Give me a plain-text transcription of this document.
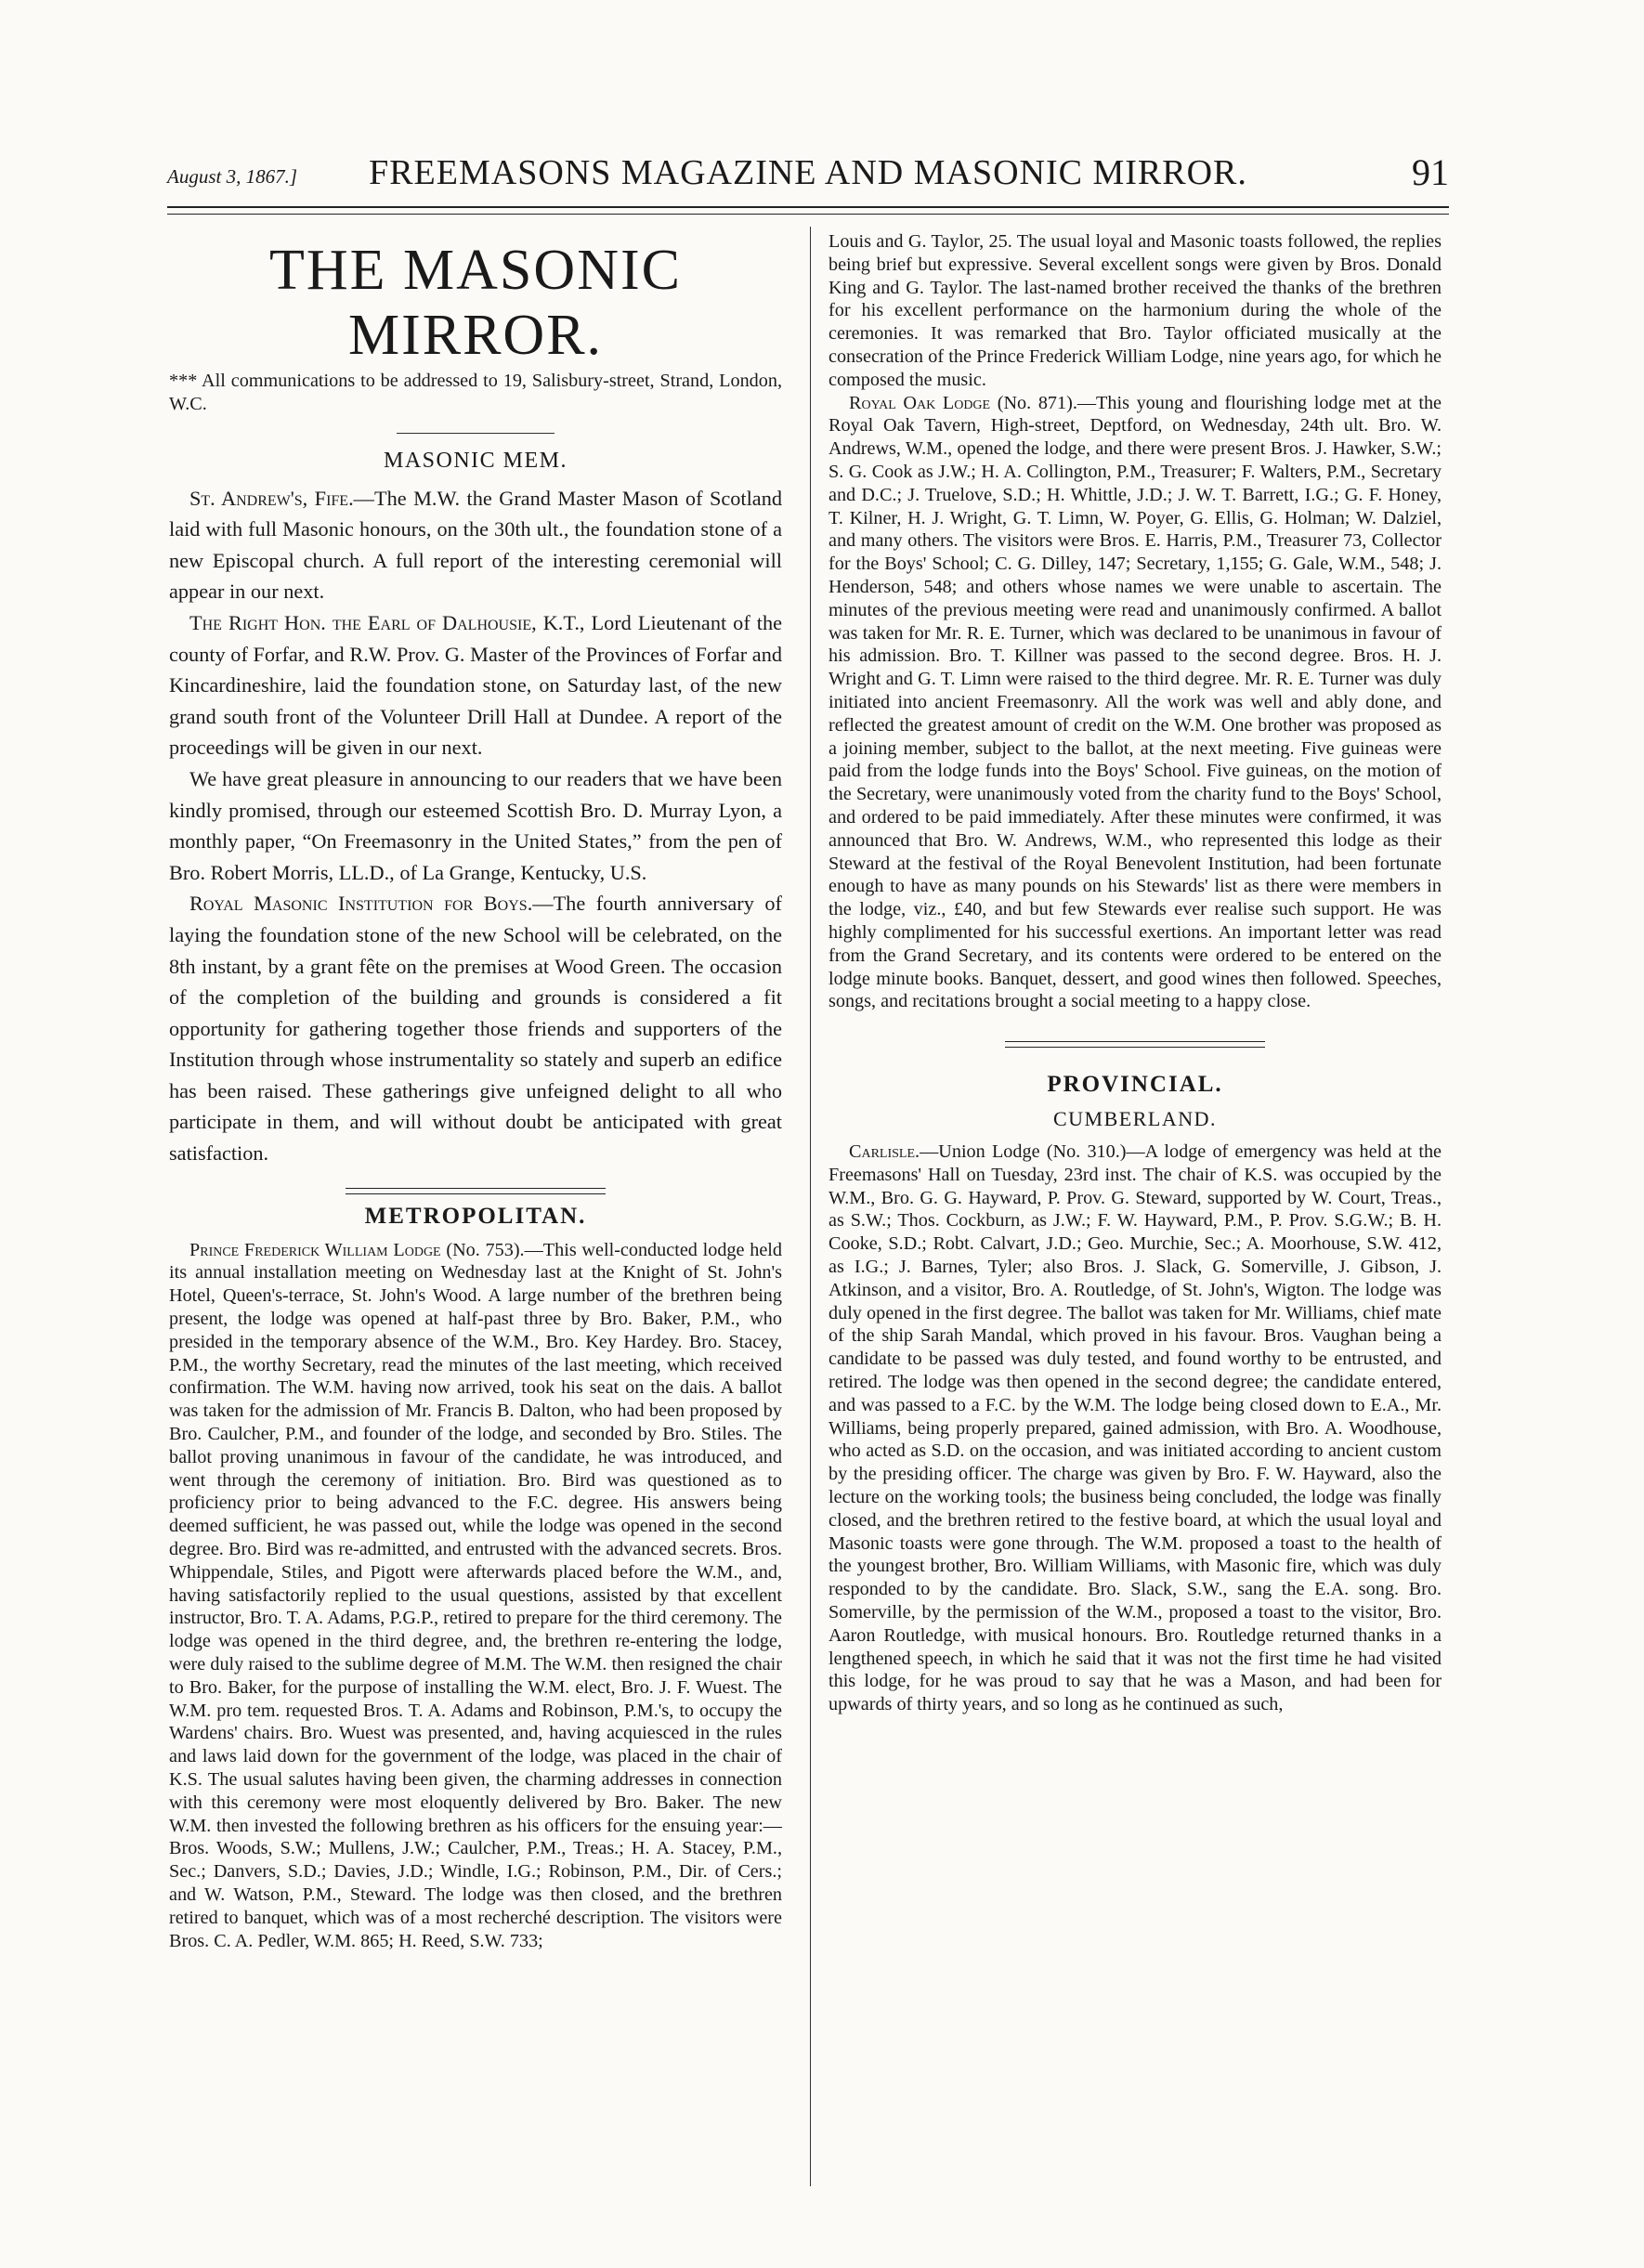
August 3, 1867.]	FREEMASONS MAGAZINE AND MASONIC MIRROR.	91
THE MASONIC MIRROR.

*** All communications to be addressed to 19, Salisbury-street, Strand, London, W.C.

MASONIC MEM.

St. Andrew's, Fife.—The M.W. the Grand Master Mason of Scotland laid with full Masonic honours, on the 30th ult., the foundation stone of a new Episcopal church. A full report of the interesting ceremonial will appear in our next.

The Right Hon. the Earl of Dalhousie, K.T., Lord Lieutenant of the county of Forfar, and R.W. Prov. G. Master of the Provinces of Forfar and Kincardineshire, laid the foundation stone, on Saturday last, of the new grand south front of the Volunteer Drill Hall at Dundee. A report of the proceedings will be given in our next.

We have great pleasure in announcing to our readers that we have been kindly promised, through our esteemed Scottish Bro. D. Murray Lyon, a monthly paper, “On Freemasonry in the United States,” from the pen of Bro. Robert Morris, LL.D., of La Grange, Kentucky, U.S.

Royal Masonic Institution for Boys.—The fourth anniversary of laying the foundation stone of the new School will be celebrated, on the 8th instant, by a grant fête on the premises at Wood Green. The occasion of the completion of the building and grounds is considered a fit opportunity for gathering together those friends and supporters of the Institution through whose instrumentality so stately and superb an edifice has been raised. These gatherings give unfeigned delight to all who participate in them, and will without doubt be anticipated with great satisfaction.

METROPOLITAN.

Prince Frederick William Lodge (No. 753).—This well-conducted lodge held its annual installation meeting on Wednesday last at the Knight of St. John's Hotel, Queen's-terrace, St. John's Wood. A large number of the brethren being present, the lodge was opened at half-past three by Bro. Baker, P.M., who presided in the temporary absence of the W.M., Bro. Key Hardey. Bro. Stacey, P.M., the worthy Secretary, read the minutes of the last meeting, which received confirmation. The W.M. having now arrived, took his seat on the dais. A ballot was taken for the admission of Mr. Francis B. Dalton, who had been proposed by Bro. Caulcher, P.M., and founder of the lodge, and seconded by Bro. Stiles. The ballot proving unanimous in favour of the candidate, he was introduced, and went through the ceremony of initiation. Bro. Bird was questioned as to proficiency prior to being advanced to the F.C. degree. His answers being deemed sufficient, he was passed out, while the lodge was opened in the second degree. Bro. Bird was re-admitted, and entrusted with the advanced secrets. Bros. Whippendale, Stiles, and Pigott were afterwards placed before the W.M., and, having satisfactorily replied to the usual questions, assisted by that excellent instructor, Bro. T. A. Adams, P.G.P., retired to prepare for the third ceremony. The lodge was opened in the third degree, and, the brethren re-entering the lodge, were duly raised to the sublime degree of M.M. The W.M. then resigned the chair to Bro. Baker, for the purpose of installing the W.M. elect, Bro. J. F. Wuest. The W.M. pro tem. requested Bros. T. A. Adams and Robinson, P.M.'s, to occupy the Wardens' chairs. Bro. Wuest was presented, and, having acquiesced in the rules and laws laid down for the government of the lodge, was placed in the chair of K.S. The usual salutes having been given, the charming addresses in connection with this ceremony were most eloquently delivered by Bro. Baker. The new W.M. then invested the following brethren as his officers for the ensuing year:—Bros. Woods, S.W.; Mullens, J.W.; Caulcher, P.M., Treas.; H. A. Stacey, P.M., Sec.; Danvers, S.D.; Davies, J.D.; Windle, I.G.; Robinson, P.M., Dir. of Cers.; and W. Watson, P.M., Steward. The lodge was then closed, and the brethren retired to banquet, which was of a most recherché description. The visitors were Bros. C. A. Pedler, W.M. 865; H. Reed, S.W. 733;

Louis and G. Taylor, 25. The usual loyal and Masonic toasts followed, the replies being brief but expressive. Several excellent songs were given by Bros. Donald King and G. Taylor. The last-named brother received the thanks of the brethren for his excellent performance on the harmonium during the whole of the ceremonies. It was remarked that Bro. Taylor officiated musically at the consecration of the Prince Frederick William Lodge, nine years ago, for which he composed the music.

Royal Oak Lodge (No. 871).—This young and flourishing lodge met at the Royal Oak Tavern, High-street, Deptford, on Wednesday, 24th ult. Bro. W. Andrews, W.M., opened the lodge, and there were present Bros. J. Hawker, S.W.; S. G. Cook as J.W.; H. A. Collington, P.M., Treasurer; F. Walters, P.M., Secretary and D.C.; J. Truelove, S.D.; H. Whittle, J.D.; J. W. T. Barrett, I.G.; G. F. Honey, T. Kilner, H. J. Wright, G. T. Limn, W. Poyer, G. Ellis, G. Holman; W. Dalziel, and many others. The visitors were Bros. E. Harris, P.M., Treasurer 73, Collector for the Boys' School; C. G. Dilley, 147; Secretary, 1,155; G. Gale, W.M., 548; J. Henderson, 548; and others whose names we were unable to ascertain. The minutes of the previous meeting were read and unanimously confirmed. A ballot was taken for Mr. R. E. Turner, which was declared to be unanimous in favour of his admission. Bro. T. Killner was passed to the second degree. Bros. H. J. Wright and G. T. Limn were raised to the third degree. Mr. R. E. Turner was duly initiated into ancient Freemasonry. All the work was well and ably done, and reflected the greatest amount of credit on the W.M. One brother was proposed as a joining member, subject to the ballot, at the next meeting. Five guineas were paid from the lodge funds into the Boys' School. Five guineas, on the motion of the Secretary, were unanimously voted from the charity fund to the Boys' School, and ordered to be paid immediately. After these minutes were confirmed, it was announced that Bro. W. Andrews, W.M., who represented this lodge as their Steward at the festival of the Royal Benevolent Institution, had been fortunate enough to have as many pounds on his Stewards' list as there were members in the lodge, viz., £40, and but few Stewards ever realise such support. He was highly complimented for his successful exertions. An important letter was read from the Grand Secretary, and its contents were ordered to be entered on the lodge minute books. Banquet, dessert, and good wines then followed. Speeches, songs, and recitations brought a social meeting to a happy close.

PROVINCIAL.
CUMBERLAND.

Carlisle.—Union Lodge (No. 310.)—A lodge of emergency was held at the Freemasons' Hall on Tuesday, 23rd inst. The chair of K.S. was occupied by the W.M., Bro. G. G. Hayward, P. Prov. G. Steward, supported by W. Court, Treas., as S.W.; Thos. Cockburn, as J.W.; F. W. Hayward, P.M., P. Prov. S.G.W.; B. H. Cooke, S.D.; Robt. Calvart, J.D.; Geo. Murchie, Sec.; A. Moorhouse, S.W. 412, as I.G.; J. Barnes, Tyler; also Bros. J. Slack, G. Somerville, J. Gibson, J. Atkinson, and a visitor, Bro. A. Routledge, of St. John's, Wigton. The lodge was duly opened in the first degree. The ballot was taken for Mr. Williams, chief mate of the ship Sarah Mandal, which proved in his favour. Bros. Vaughan being a candidate to be passed was duly tested, and found worthy to be entrusted, and retired. The lodge was then opened in the second degree; the candidate entered, and was passed to a F.C. by the W.M. The lodge being closed down to E.A., Mr. Williams, being properly prepared, gained admission, with Bro. A. Woodhouse, who acted as S.D. on the occasion, and was initiated according to ancient custom by the presiding officer. The charge was given by Bro. F. W. Hayward, also the lecture on the working tools; the business being concluded, the lodge was finally closed, and the brethren retired to the festive board, at which the usual loyal and Masonic toasts were gone through. The W.M. proposed a toast to the health of the youngest brother, Bro. William Williams, with Masonic fire, which was duly responded to by the candidate. Bro. Slack, S.W., sang the E.A. song. Bro. Somerville, by the permission of the W.M., proposed a toast to the visitor, Bro. Aaron Routledge, with musical honours. Bro. Routledge returned thanks in a lengthened speech, in which he said that it was not the first time he had visited this lodge, for he was proud to say that he was a Mason, and had been for upwards of thirty years, and so long as he continued as such,
